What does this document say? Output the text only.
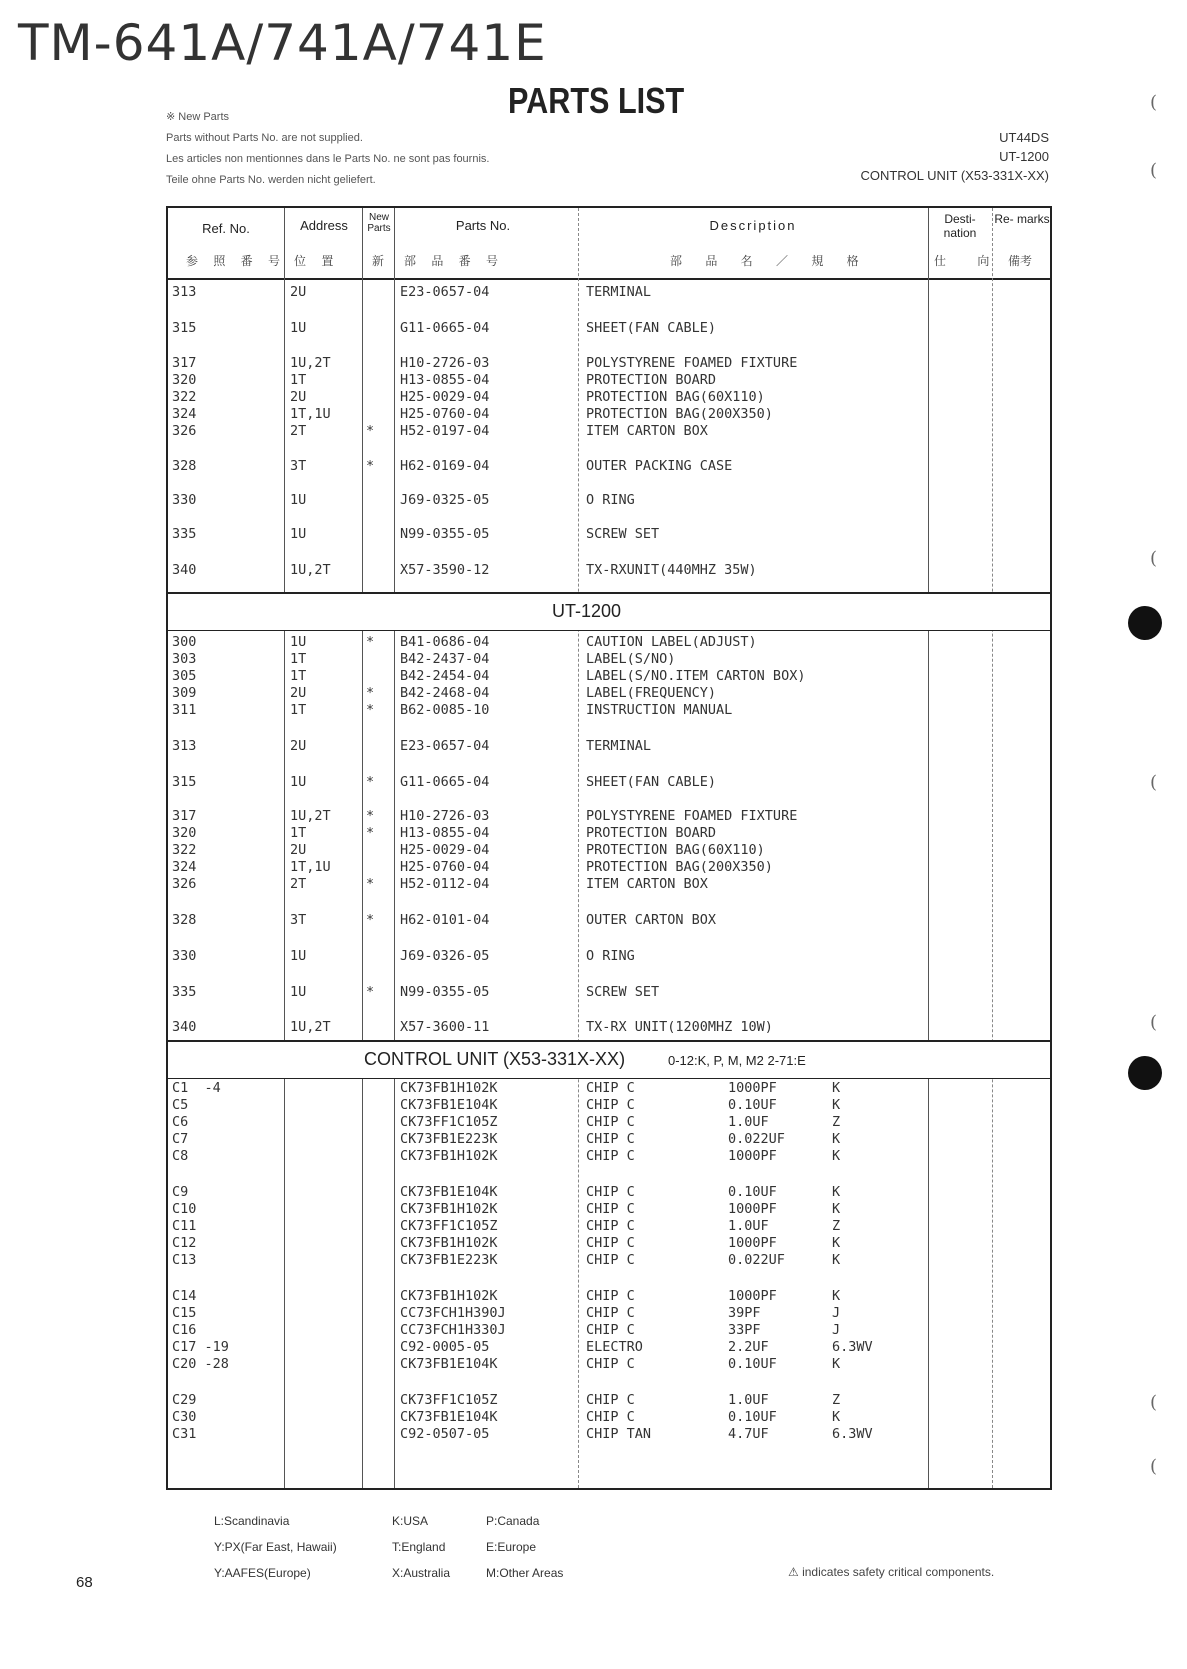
TM-641A/741A/741E
PARTS LIST
※ New Parts
Parts without Parts No. are not supplied.
Les articles non mentionnes dans le Parts No. ne sont pas fournis.
Teile ohne Parts No. werden nicht geliefert.
UT44DS
UT-1200
CONTROL UNIT (X53-331X-XX)
Ref. No.
参 照 番 号
Address
位 置
New Parts
新
Parts No.
部 品 番 号
Description
部 品 名 ／ 規 格
Desti- nation
仕 向
Re- marks
備考
313	2U	E23-0657-04	TERMINAL
315	1U	G11-0665-04	SHEET(FAN CABLE)
317	1U,2T	H10-2726-03	POLYSTYRENE FOAMED FIXTURE
320	1T	H13-0855-04	PROTECTION BOARD
322	2U	H25-0029-04	PROTECTION BAG(60X110)
324	1T,1U	H25-0760-04	PROTECTION BAG(200X350)
326	2T	* H52-0197-04	ITEM CARTON BOX
328	3T	* H62-0169-04	OUTER PACKING CASE
330	1U	J69-0325-05	O RING
335	1U	N99-0355-05	SCREW SET
340	1U,2T	X57-3590-12	TX-RXUNIT(440MHZ 35W)
300	1U	* B41-0686-04	CAUTION LABEL(ADJUST)
303	1T	B42-2437-04	LABEL(S/NO)
305	1T	B42-2454-04	LABEL(S/NO.ITEM CARTON BOX)
309	2U	* B42-2468-04	LABEL(FREQUENCY)
311	1T	* B62-0085-10	INSTRUCTION MANUAL
313	2U	E23-0657-04	TERMINAL
315	1U	* G11-0665-04	SHEET(FAN CABLE)
317	1U,2T	* H10-2726-03	POLYSTYRENE FOAMED FIXTURE
320	1T	* H13-0855-04	PROTECTION BOARD
322	2U	H25-0029-04	PROTECTION BAG(60X110)
324	1T,1U	H25-0760-04	PROTECTION BAG(200X350)
326	2T	* H52-0112-04	ITEM CARTON BOX
328	3T	* H62-0101-04	OUTER CARTON BOX
330	1U	J69-0326-05	O RING
335	1U	* N99-0355-05	SCREW SET
340	1U,2T	X57-3600-11	TX-RX UNIT(1200MHZ 10W)
C1  -4	CK73FB1H102K	CHIP C	1000PF	K
C5	CK73FB1E104K	CHIP C	0.10UF	K
C6	CK73FF1C105Z	CHIP C	1.0UF	Z
C7	CK73FB1E223K	CHIP C	0.022UF	K
C8	CK73FB1H102K	CHIP C	1000PF	K
C9	CK73FB1E104K	CHIP C	0.10UF	K
C10	CK73FB1H102K	CHIP C	1000PF	K
C11	CK73FF1C105Z	CHIP C	1.0UF	Z
C12	CK73FB1H102K	CHIP C	1000PF	K
C13	CK73FB1E223K	CHIP C	0.022UF	K
C14	CK73FB1H102K	CHIP C	1000PF	K
C15	CC73FCH1H390J	CHIP C	39PF	J
C16	CC73FCH1H330J	CHIP C	33PF	J
C17 -19	C92-0005-05	ELECTRO	2.2UF	6.3WV
C20 -28	CK73FB1E104K	CHIP C	0.10UF	K
C29	CK73FF1C105Z	CHIP C	1.0UF	Z
C30	CK73FB1E104K	CHIP C	0.10UF	K
C31	C92-0507-05	CHIP TAN	4.7UF	6.3WV
UT-1200
CONTROL UNIT (X53-331X-XX)	0-12:K, P, M, M2 2-71:E
L:Scandinavia	K:USA	P:Canada
Y:PX(Far East, Hawaii)	T:England	E:Europe
Y:AAFES(Europe)	X:Australia	M:Other Areas
68
⚠ indicates safety critical components.
(
(
(
(
(
(
(
